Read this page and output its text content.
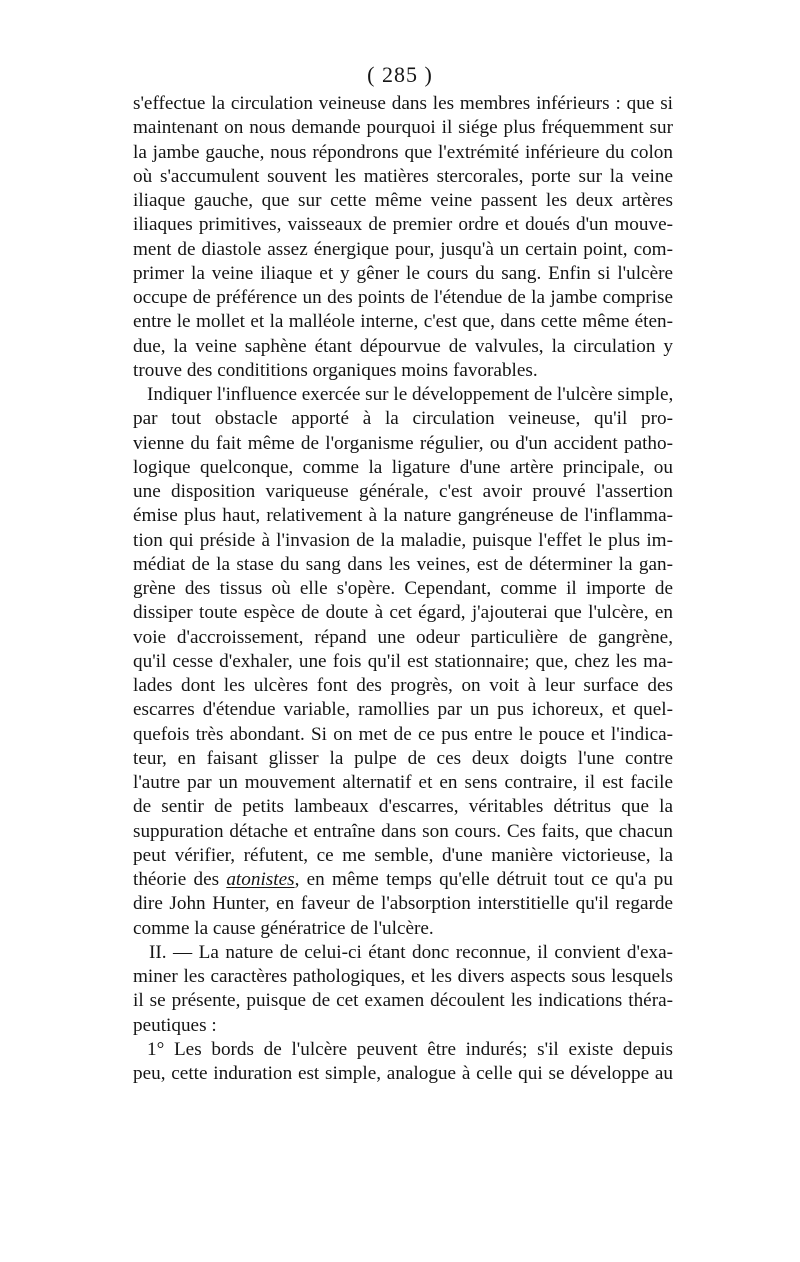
( 285 )
s'effectue la circulation veineuse dans les membres inférieurs : que si
maintenant on nous demande pourquoi il siége plus fréquemment sur
la jambe gauche, nous répondrons que l'extrémité inférieure du colon
où s'accumulent souvent les matières stercorales, porte sur la veine
iliaque gauche, que sur cette même veine passent les deux artères
iliaques primitives, vaisseaux de premier ordre et doués d'un mouve-
ment de diastole assez énergique pour, jusqu'à un certain point, com-
primer la veine iliaque et y gêner le cours du sang. Enfin si l'ulcère
occupe de préférence un des points de l'étendue de la jambe comprise
entre le mollet et la malléole interne, c'est que, dans cette même éten-
due, la veine saphène étant dépourvue de valvules, la circulation y
trouve des condititions organiques moins favorables.
Indiquer l'influence exercée sur le développement de l'ulcère simple,
par tout obstacle apporté à la circulation veineuse, qu'il pro-
vienne du fait même de l'organisme régulier, ou d'un accident patho-
logique quelconque, comme la ligature d'une artère principale, ou
une disposition variqueuse générale, c'est avoir prouvé l'assertion
émise plus haut, relativement à la nature gangréneuse de l'inflamma-
tion qui préside à l'invasion de la maladie, puisque l'effet le plus im-
médiat de la stase du sang dans les veines, est de déterminer la gan-
grène des tissus où elle s'opère. Cependant, comme il importe de
dissiper toute espèce de doute à cet égard, j'ajouterai que l'ulcère, en
voie d'accroissement, répand une odeur particulière de gangrène,
qu'il cesse d'exhaler, une fois qu'il est stationnaire; que, chez les ma-
lades dont les ulcères font des progrès, on voit à leur surface des
escarres d'étendue variable, ramollies par un pus ichoreux, et quel-
quefois très abondant. Si on met de ce pus entre le pouce et l'indica-
teur, en faisant glisser la pulpe de ces deux doigts l'une contre
l'autre par un mouvement alternatif et en sens contraire, il est facile
de sentir de petits lambeaux d'escarres, véritables détritus que la
suppuration détache et entraîne dans son cours. Ces faits, que chacun
peut vérifier, réfutent, ce me semble, d'une manière victorieuse, la
théorie des atonistes, en même temps qu'elle détruit tout ce qu'a pu
dire John Hunter, en faveur de l'absorption interstitielle qu'il regarde
comme la cause génératrice de l'ulcère.
II. — La nature de celui-ci étant donc reconnue, il convient d'exa-
miner les caractères pathologiques, et les divers aspects sous lesquels
il se présente, puisque de cet examen découlent les indications théra-
peutiques :
1° Les bords de l'ulcère peuvent être indurés; s'il existe depuis
peu, cette induration est simple, analogue à celle qui se développe au
